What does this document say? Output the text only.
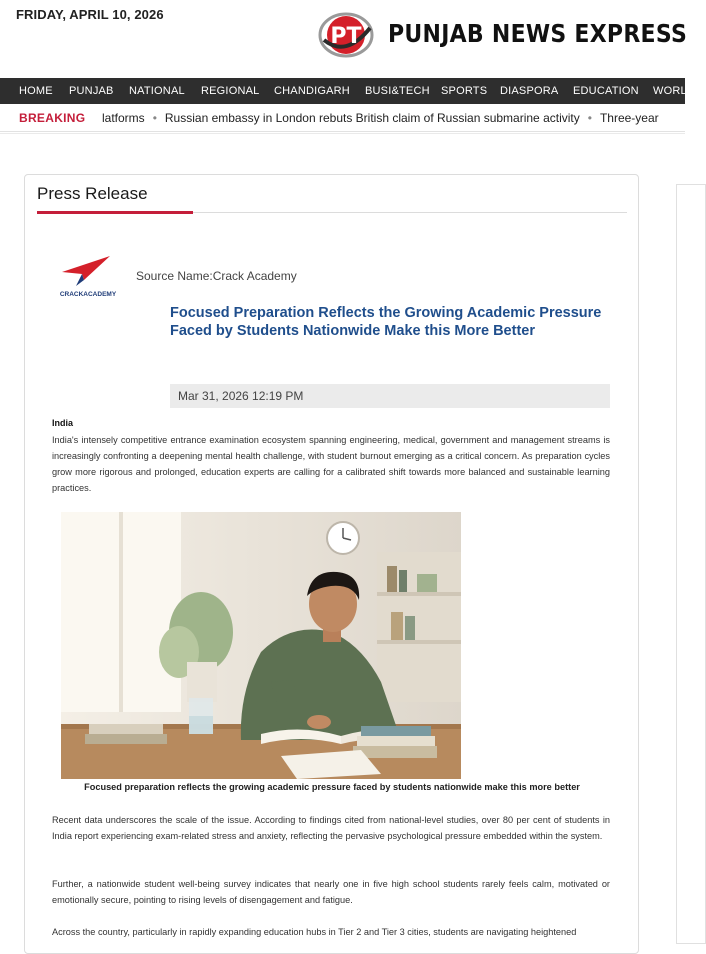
FRIDAY, APRIL 10, 2026
PT PUNJAB NEWS EXPRESS
HOME PUNJAB NATIONAL REGIONAL CHANDIGARH BUSI&TECH SPORTS DIASPORA EDUCATION WORLD
BREAKING latforms • Russian embassy in London rebuts British claim of Russian submarine activity • Three-year
Press Release
CRACKACADEMY
Source Name:Crack Academy
Focused Preparation Reflects the Growing Academic Pressure Faced by Students Nationwide Make this More Better
Mar 31, 2026 12:19 PM
India

India's intensely competitive entrance examination ecosystem spanning engineering, medical, government and management streams is increasingly confronting a deepening mental health challenge, with student burnout emerging as a critical concern. As preparation cycles grow more rigorous and prolonged, education experts are calling for a calibrated shift towards more balanced and sustainable learning practices.

Focused preparation reflects the growing academic pressure faced by students nationwide make this more better

Recent data underscores the scale of the issue. According to findings cited from national-level studies, over 80 per cent of students in India report experiencing exam-related stress and anxiety, reflecting the pervasive psychological pressure embedded within the system.

Further, a nationwide student well-being survey indicates that nearly one in five high school students rarely feels calm, motivated or emotionally secure, pointing to rising levels of disengagement and fatigue.

Across the country, particularly in rapidly expanding education hubs in Tier 2 and Tier 3 cities, students are navigating heightened
